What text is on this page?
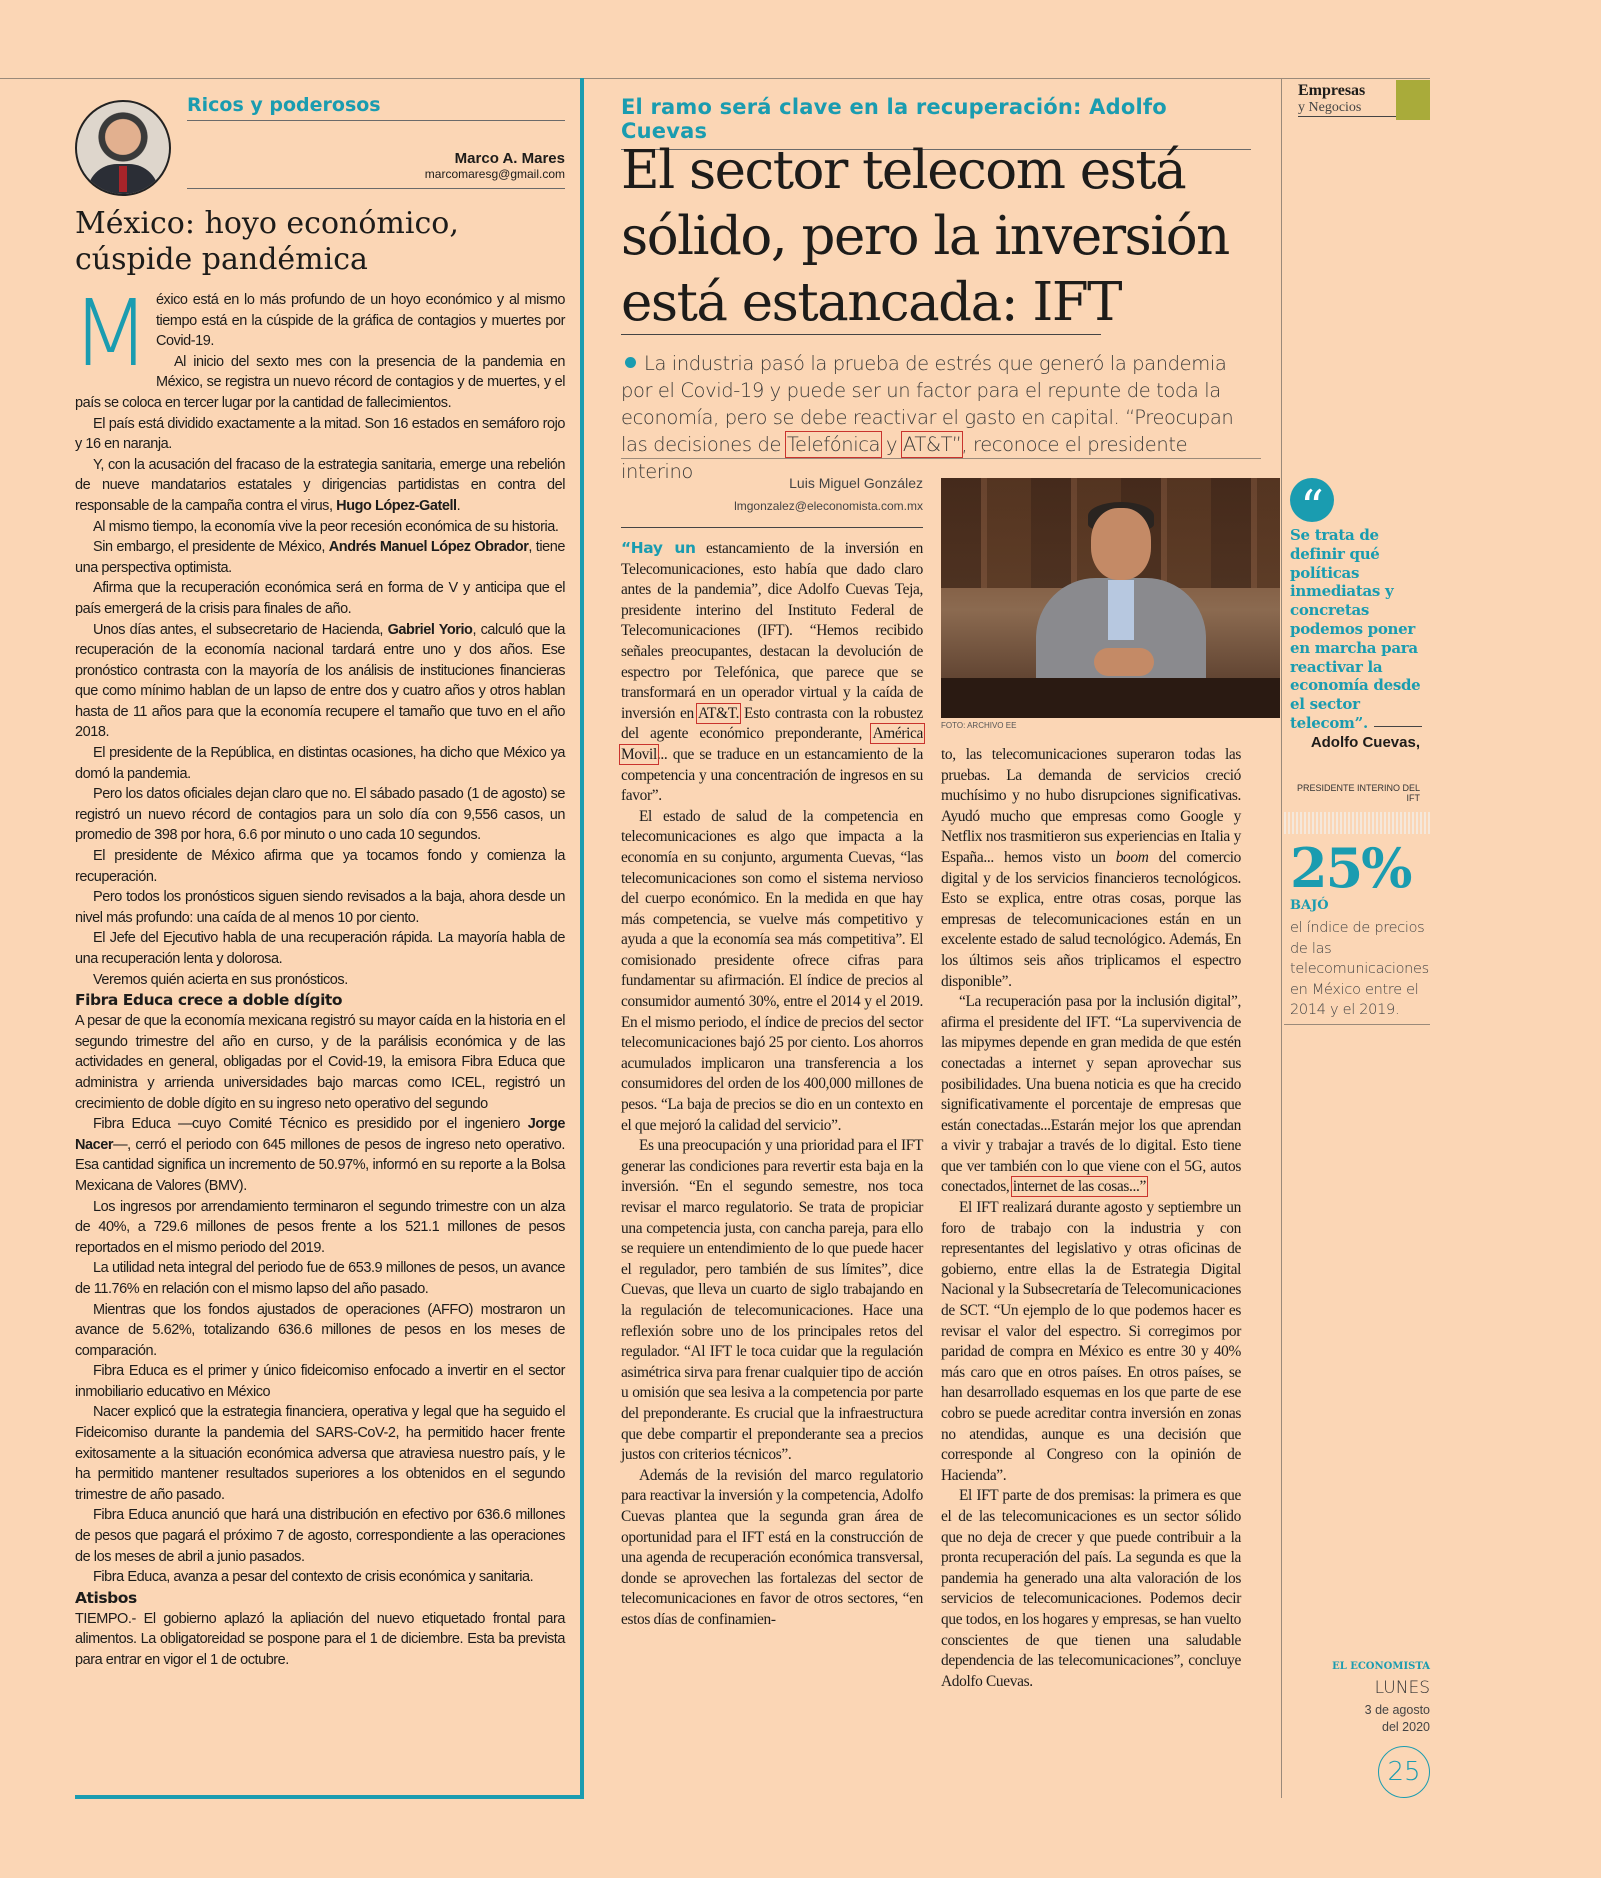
Ricos y poderosos
Marco A. Mares
marcomaresg@gmail.com
México: hoyo económico, cúspide pandémica

México está en lo más profundo de un hoyo económico y al mismo tiempo está en la cúspide de la gráfica de contagios y muertes por Covid-19.

Al inicio del sexto mes con la presencia de la pandemia en México, se registra un nuevo récord de contagios y de muertes, y el país se coloca en tercer lugar por la cantidad de fallecimientos.

El país está dividido exactamente a la mitad. Son 16 estados en semáforo rojo y 16 en naranja.

Y, con la acusación del fracaso de la estrategia sanitaria, emerge una rebelión de nueve mandatarios estatales y dirigencias partidistas en contra del responsable de la campaña contra el virus, Hugo López-Gatell.

Al mismo tiempo, la economía vive la peor recesión económica de su historia.

Sin embargo, el presidente de México, Andrés Manuel López Obrador, tiene una perspectiva optimista.

Afirma que la recuperación económica será en forma de V y anticipa que el país emergerá de la crisis para finales de año.

Unos días antes, el subsecretario de Hacienda, Gabriel Yorio, calculó que la recuperación de la economía nacional tardará entre uno y dos años. Ese pronóstico contrasta con la mayoría de los análisis de instituciones financieras que como mínimo hablan de un lapso de entre dos y cuatro años y otros hablan hasta de 11 años para que la economía recupere el tamaño que tuvo en el año 2018.

El presidente de la República, en distintas ocasiones, ha dicho que México ya domó la pandemia.

Pero los datos oficiales dejan claro que no. El sábado pasado (1 de agosto) se registró un nuevo récord de contagios para un solo día con 9,556 casos, un promedio de 398 por hora, 6.6 por minuto o uno cada 10 segundos.

El presidente de México afirma que ya tocamos fondo y comienza la recuperación.

Pero todos los pronósticos siguen siendo revisados a la baja, ahora desde un nivel más profundo: una caída de al menos 10 por ciento.

El Jefe del Ejecutivo habla de una recuperación rápida. La mayoría habla de una recuperación lenta y dolorosa.

Veremos quién acierta en sus pronósticos.

Fibra Educa crece a doble dígito

A pesar de que la economía mexicana registró su mayor caída en la historia en el segundo trimestre del año en curso, y de la parálisis económica y de las actividades en general, obligadas por el Covid-19, la emisora Fibra Educa que administra y arrienda universidades bajo marcas como ICEL, registró un crecimiento de doble dígito en su ingreso neto operativo del segundo

Fibra Educa —cuyo Comité Técnico es presidido por el ingeniero Jorge Nacer—, cerró el periodo con 645 millones de pesos de ingreso neto operativo. Esa cantidad significa un incremento de 50.97%, informó en su reporte a la Bolsa Mexicana de Valores (BMV).

Los ingresos por arrendamiento terminaron el segundo trimestre con un alza de 40%, a 729.6 millones de pesos frente a los 521.1 millones de pesos reportados en el mismo periodo del 2019.

La utilidad neta integral del periodo fue de 653.9 millones de pesos, un avance de 11.76% en relación con el mismo lapso del año pasado.

Mientras que los fondos ajustados de operaciones (AFFO) mostraron un avance de 5.62%, totalizando 636.6 millones de pesos en los meses de comparación.

Fibra Educa es el primer y único fideicomiso enfocado a invertir en el sector inmobiliario educativo en México

Nacer explicó que la estrategia financiera, operativa y legal que ha seguido el Fideicomiso durante la pandemia del SARS-CoV-2, ha permitido hacer frente exitosamente a la situación económica adversa que atraviesa nuestro país, y le ha permitido mantener resultados superiores a los obtenidos en el segundo trimestre de año pasado.

Fibra Educa anunció que hará una distribución en efectivo por 636.6 millones de pesos que pagará el próximo 7 de agosto, correspondiente a las operaciones de los meses de abril a junio pasados.

Fibra Educa, avanza a pesar del contexto de crisis económica y sanitaria.

Atisbos

TIEMPO.- El gobierno aplazó la apliación del nuevo etiquetado frontal para alimentos. La obligatoreidad se pospone para el 1 de diciembre. Esta ba prevista para entrar en vigor el 1 de octubre.

El ramo será clave en la recuperación: Adolfo Cuevas
El sector telecom está sólido, pero la inversión está estancada: IFT
La industria pasó la prueba de estrés que generó la pandemia por el Covid-19 y puede ser un factor para el repunte de toda la economía, pero se debe reactivar el gasto en capital. “Preocupan las decisiones de Telefónica y AT&T”, reconoce el presidente interino	Luis Miguel González
lmgonzalez@eleconomista.com.mx
FOTO: ARCHIVO EE

“Hay un estancamiento de la inversión en Telecomunicaciones, esto había que dado claro antes de la pandemia”, dice Adolfo Cuevas Teja, presidente interino del Instituto Federal de Telecomunicaciones (IFT). “Hemos recibido señales preocupantes, destacan la devolución de espectro por Telefónica, que parece que se transformará en un operador virtual y la caída de inversión en AT&T. Esto contrasta con la robustez del agente económico preponderante, América Movil... que se traduce en un estancamiento de la competencia y una concentración de ingresos en su favor”.

El estado de salud de la competencia en telecomunicaciones es algo que impacta a la economía en su conjunto, argumenta Cuevas, “las telecomunicaciones son como el sistema nervioso del cuerpo económico. En la medida en que hay más competencia, se vuelve más competitivo y ayuda a que la economía sea más competitiva”. El comisionado presidente ofrece cifras para fundamentar su afirmación. El índice de precios al consumidor aumentó 30%, entre el 2014 y el 2019. En el mismo periodo, el índice de precios del sector telecomunicaciones bajó 25 por ciento. Los ahorros acumulados implicaron una transferencia a los consumidores del orden de los 400,000 millones de pesos. “La baja de precios se dio en un contexto en el que mejoró la calidad del servicio”.

Es una preocupación y una prioridad para el IFT generar las condiciones para revertir esta baja en la inversión. “En el segundo semestre, nos toca revisar el marco regulatorio. Se trata de propiciar una competencia justa, con cancha pareja, para ello se requiere un entendimiento de lo que puede hacer el regulador, pero también de sus límites”, dice Cuevas, que lleva un cuarto de siglo trabajando en la regulación de telecomunicaciones. Hace una reflexión sobre uno de los principales retos del regulador. “Al IFT le toca cuidar que la regulación asimétrica sirva para frenar cualquier tipo de acción u omisión que sea lesiva a la competencia por parte del preponderante. Es crucial que la infraestructura que debe compartir el preponderante sea a precios justos con criterios técnicos”.

Además de la revisión del marco regulatorio para reactivar la inversión y la competencia, Adolfo Cuevas plantea que la segunda gran área de oportunidad para el IFT está en la construcción de una agenda de recuperación económica transversal, donde se aprovechen las fortalezas del sector de telecomunicaciones en favor de otros sectores, “en estos días de confinamien-

to, las telecomunicaciones superaron todas las pruebas. La demanda de servicios creció muchísimo y no hubo disrupciones significativas. Ayudó mucho que empresas como Google y Netflix nos trasmitieron sus experiencias en Italia y España... hemos visto un boom del comercio digital y de los servicios financieros tecnológicos. Esto se explica, entre otras cosas, porque las empresas de telecomunicaciones están en un excelente estado de salud tecnológico. Además, En los últimos seis años triplicamos el espectro disponible”.

“La recuperación pasa por la inclusión digital”, afirma el presidente del IFT. “La supervivencia de las mipymes depende en gran medida de que estén conectadas a internet y sepan aprovechar sus posibilidades. Una buena noticia es que ha crecido significativamente el porcentaje de empresas que están conectadas...Estarán mejor los que aprendan a vivir y trabajar a través de lo digital. Esto tiene que ver también con lo que viene con el 5G, autos conectados, internet de las cosas...”

El IFT realizará durante agosto y septiembre un foro de trabajo con la industria y con representantes del legislativo y otras oficinas de gobierno, entre ellas la de Estrategia Digital Nacional y la Subsecretaría de Telecomunicaciones de SCT. “Un ejemplo de lo que podemos hacer es revisar el valor del espectro. Si corregimos por paridad de compra en México es entre 30 y 40% más caro que en otros países. En otros países, se han desarrollado esquemas en los que parte de ese cobro se puede acreditar contra inversión en zonas no atendidas, aunque es una decisión que corresponde al Congreso con la opinión de Hacienda”.

El IFT parte de dos premisas: la primera es que el de las telecomunicaciones es un sector sólido que no deja de crecer y que puede contribuir a la pronta recuperación del país. La segunda es que la pandemia ha generado una alta valoración de los servicios de telecomunicaciones. Podemos decir que todos, en los hogares y empresas, se han vuelto conscientes de que tienen una saludable dependencia de las telecomunicaciones”, concluye Adolfo Cuevas.

Empresas
y Negocios
“
Se trata de definir qué políticas inmediatas y concretas podemos poner en marcha para reactivar la economía desde el sector telecom”.
Adolfo Cuevas,
PRESIDENTE INTERINO DEL IFT
25%
BAJÓ
el índice de precios de las telecomunicaciones en México entre el 2014 y el 2019.
EL ECONOMISTA
LUNES
3 de agosto
del 2020
25
